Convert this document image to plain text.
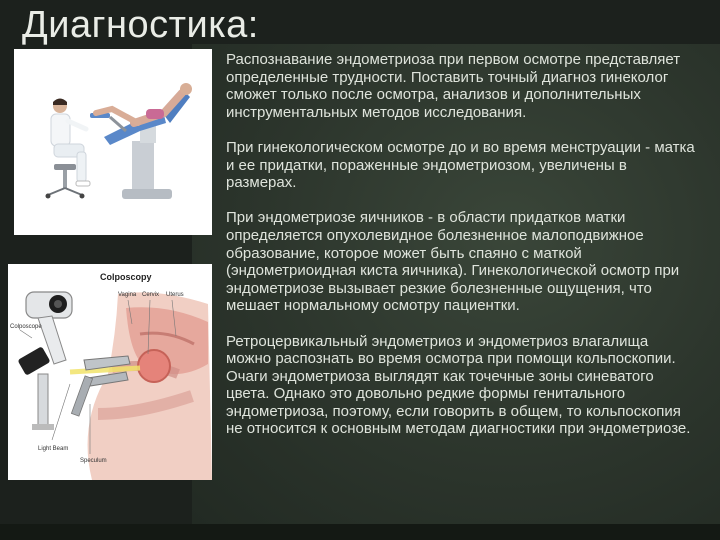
Диагностика:
Colposcopy
Vagina Cervix Uterus
Colposcope
Light Beam
Speculum

Распознавание эндометриоза при первом осмотре представляет определенные трудности. Поставить точный диагноз гинеколог сможет только после осмотра, анализов и дополнительных инструментальных методов исследования.

При гинекологическом осмотре до и во время менструации - матка и ее придатки, пораженные эндометриозом, увеличены в размерах.

При эндометриозе яичников - в области придатков матки определяется опухолевидное болезненное малоподвижное образование, которое может быть спаяно с маткой (эндометриоидная киста яичника). Гинекологической осмотр при эндометриозе вызывает резкие болезненные ощущения, что мешает нормальному осмотру пациентки.

Ретроцервикальный эндометриоз и эндометриоз влагалища можно распознать во время осмотра при помощи кольпоскопии. Очаги эндометриоза выглядят как точечные зоны синеватого цвета. Однако это довольно редкие формы генитального эндометриоза, поэтому, если говорить в общем, то кольпоскопия не относится к основным методам диагностики при эндометриозе.
